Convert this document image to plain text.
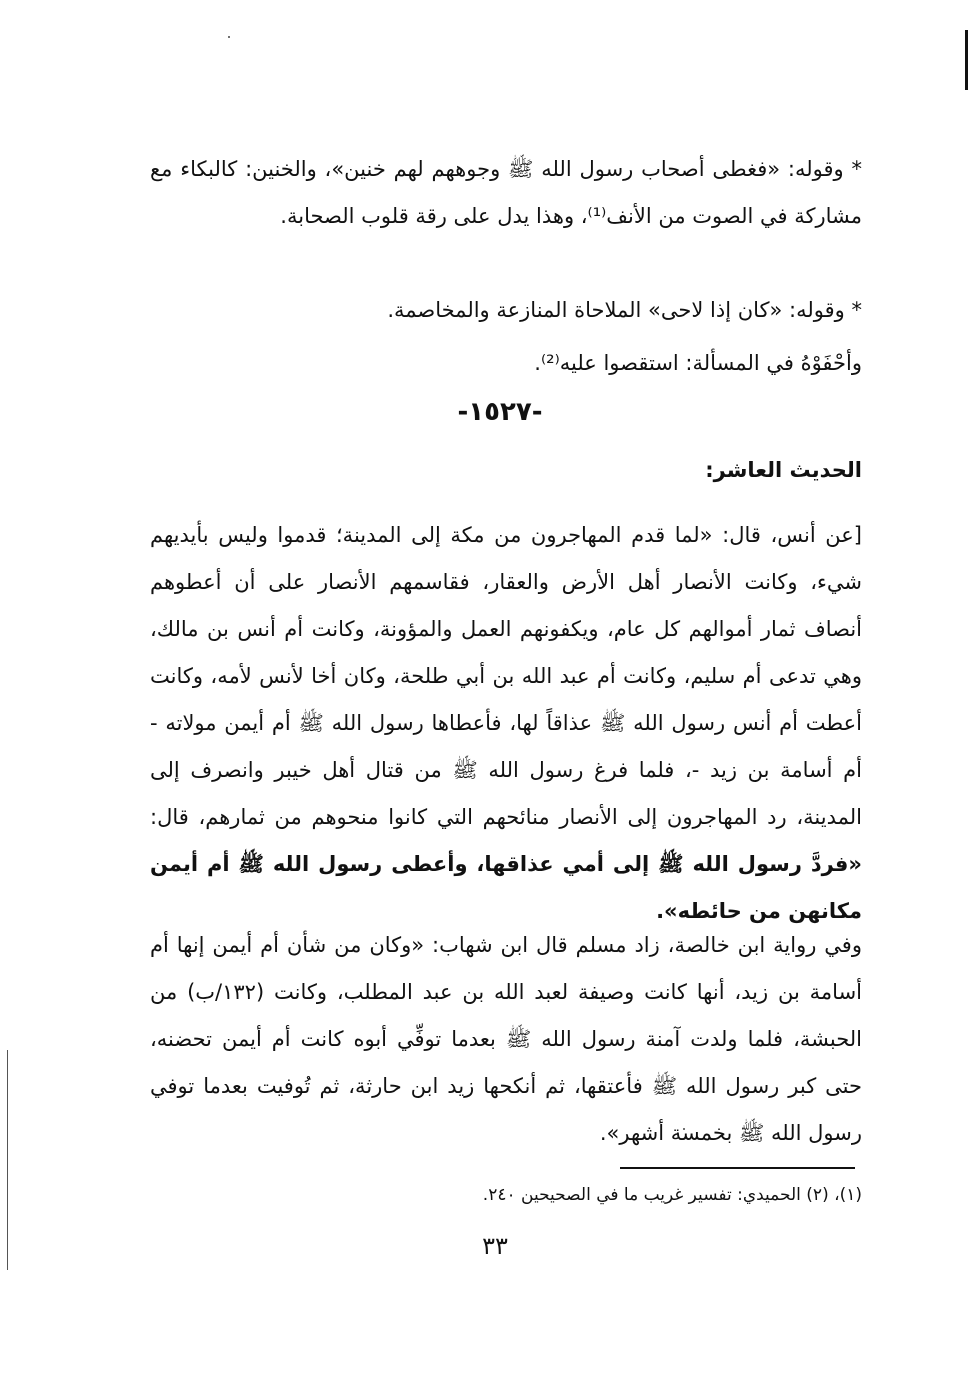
* وقوله: «فغطى أصحاب رسول الله ﷺ وجوههم لهم خنين»، والخنين: كالبكاء مع مشاركة في الصوت من الأنف⁽¹⁾، وهذا يدل على رقة قلوب الصحابة.

* وقوله: «كان إذا لاحى» الملاحاة المنازعة والمخاصمة.

وأحْفَوْهُ في المسألة: استقصوا عليه⁽²⁾.

-١٥٢٧-
الحديث العاشر:

[عن أنس، قال: «لما قدم المهاجرون من مكة إلى المدينة؛ قدموا وليس بأيديهم شيء، وكانت الأنصار أهل الأرض والعقار، فقاسمهم الأنصار على أن أعطوهم أنصاف ثمار أموالهم كل عام، ويكفونهم العمل والمؤونة، وكانت أم أنس بن مالك، وهي تدعى أم سليم، وكانت أم عبد الله بن أبي طلحة، وكان أخا لأنس لأمه، وكانت أعطت أم أنس رسول الله ﷺ عذاقاً لها، فأعطاها رسول الله ﷺ أم أيمن مولاته - أم أسامة بن زيد -، فلما فرغ رسول الله ﷺ من قتال أهل خيبر وانصرف إلى المدينة، رد المهاجرون إلى الأنصار منائحهم التي كانوا منحوهم من ثمارهم، قال: «فردَّ رسول الله ﷺ إلى أمي عذاقها، وأعطى رسول الله ﷺ أم أيمن مكانهن من حائطه».

وفي رواية ابن خالصة، زاد مسلم قال ابن شهاب: «وكان من شأن أم أيمن إنها أم أسامة بن زيد، أنها كانت وصيفة لعبد الله بن عبد المطلب، وكانت (١٣٢/ب) من الحبشة، فلما ولدت آمنة رسول الله ﷺ بعدما توفِّي أبوه كانت أم أيمن تحضنه، حتى كبر رسول الله ﷺ فأعتقها، ثم أنكحها زيد ابن حارثة، ثم تُوفيت بعدما توفي رسول الله ﷺ بخمسة أشهر».

(١)، (٢) الحميدي: تفسير غريب ما في الصحيحين ٢٤٠.
٣٣
